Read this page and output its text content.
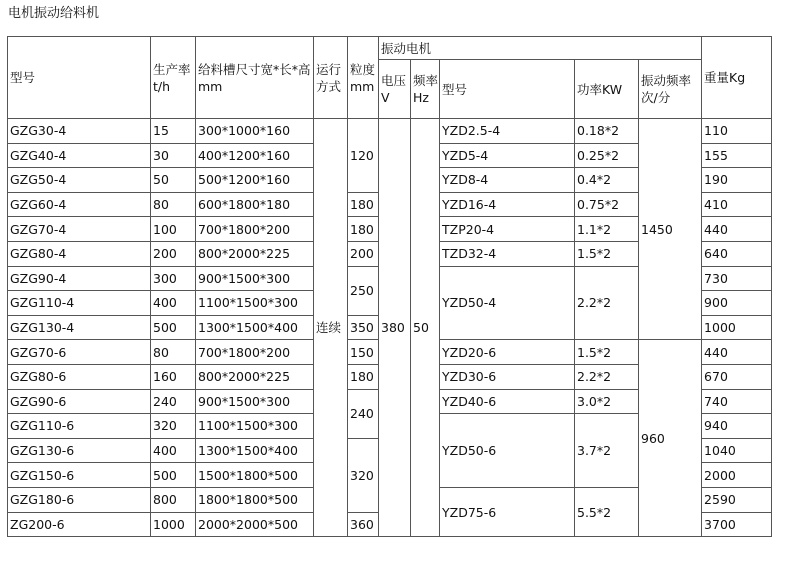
电机振动给料机
型号	生产率t/h	给料槽尺寸宽*长*高mm	运行方式	粒度mm	振动电机					重量Kg
					电压V	频率Hz	型号	功率KW	振动频率次/分	
GZG30-4	15	300*1000*160	连续	120	380	50	YZD2.5-4	0.18*2	1450	110
GZG40-4	30	400*1200*160					YZD5-4	0.25*2		155
GZG50-4	50	500*1200*160					YZD8-4	0.4*2		190
GZG60-4	80	600*1800*180		180			YZD16-4	0.75*2		410
GZG70-4	100	700*1800*200		180			TZP20-4	1.1*2		440
GZG80-4	200	800*2000*225		200			TZD32-4	1.5*2		640
GZG90-4	300	900*1500*300		250			YZD50-4	2.2*2		730
GZG110-4	400	1100*1500*300								900
GZG130-4	500	1300*1500*400		350						1000
GZG70-6	80	700*1800*200		150			YZD20-6	1.5*2	960	440
GZG80-6	160	800*2000*225		180			YZD30-6	2.2*2		670
GZG90-6	240	900*1500*300		240			YZD40-6	3.0*2		740
GZG110-6	320	1100*1500*300					YZD50-6	3.7*2		940
GZG130-6	400	1300*1500*400		320						1040
GZG150-6	500	1500*1800*500								2000
GZG180-6	800	1800*1800*500					YZD75-6	5.5*2		2590
ZG200-6	1000	2000*2000*500		360						3700
